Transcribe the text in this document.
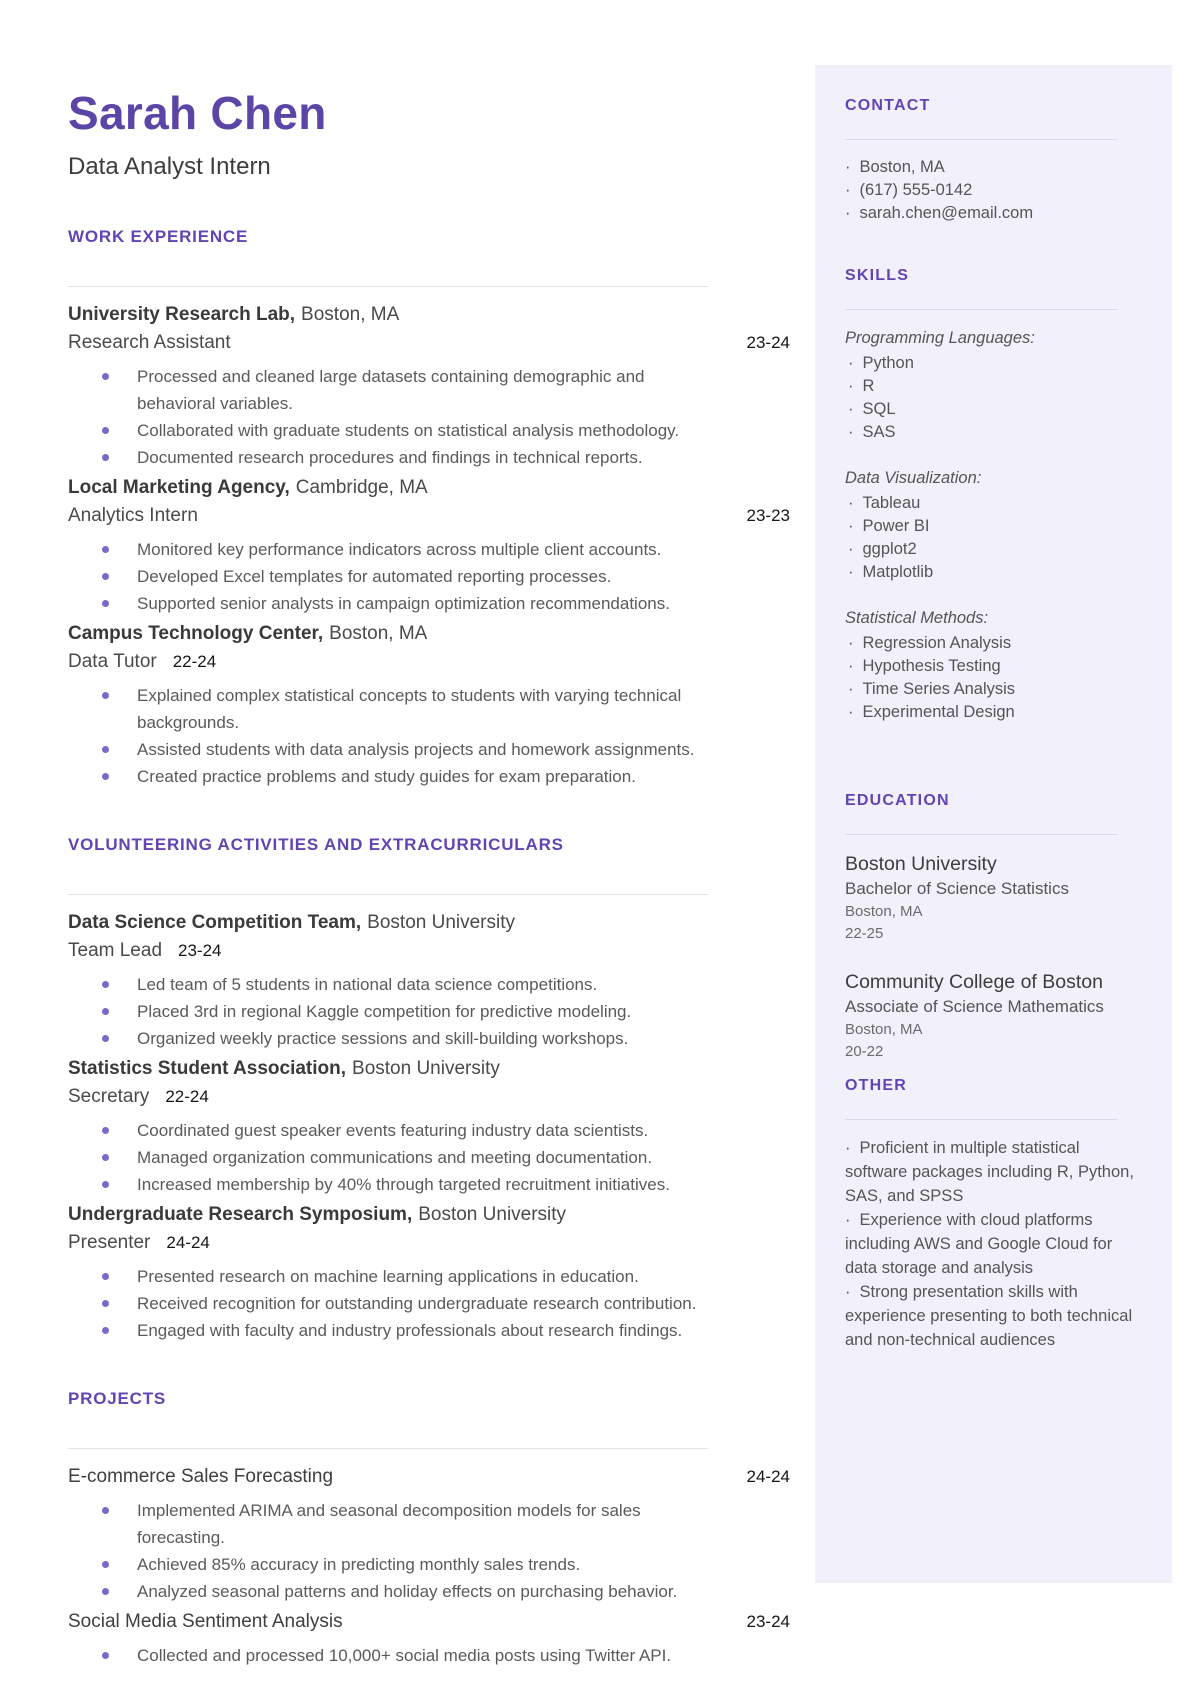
Sarah Chen
Data Analyst Intern
WORK EXPERIENCE
University Research Lab, Boston, MA
Research Assistant	23-24
Processed and cleaned large datasets containing demographic and behavioral variables.
Collaborated with graduate students on statistical analysis methodology.
Documented research procedures and findings in technical reports.
Local Marketing Agency, Cambridge, MA
Analytics Intern	23-23
Monitored key performance indicators across multiple client accounts.
Developed Excel templates for automated reporting processes.
Supported senior analysts in campaign optimization recommendations.
Campus Technology Center, Boston, MA
Data Tutor 22-24
Explained complex statistical concepts to students with varying technical backgrounds.
Assisted students with data analysis projects and homework assignments.
Created practice problems and study guides for exam preparation.
VOLUNTEERING ACTIVITIES AND EXTRACURRICULARS
Data Science Competition Team, Boston University
Team Lead 23-24
Led team of 5 students in national data science competitions.
Placed 3rd in regional Kaggle competition for predictive modeling.
Organized weekly practice sessions and skill-building workshops.
Statistics Student Association, Boston University
Secretary 22-24
Coordinated guest speaker events featuring industry data scientists.
Managed organization communications and meeting documentation.
Increased membership by 40% through targeted recruitment initiatives.
Undergraduate Research Symposium, Boston University
Presenter 24-24
Presented research on machine learning applications in education.
Received recognition for outstanding undergraduate research contribution.
Engaged with faculty and industry professionals about research findings.
PROJECTS
E-commerce Sales Forecasting	24-24
Implemented ARIMA and seasonal decomposition models for sales forecasting.
Achieved 85% accuracy in predicting monthly sales trends.
Analyzed seasonal patterns and holiday effects on purchasing behavior.
Social Media Sentiment Analysis	23-24
Collected and processed 10,000+ social media posts using Twitter API.
CONTACT
· Boston, MA
· (617) 555-0142
· sarah.chen@email.com
SKILLS
Programming Languages:
· Python
· R
· SQL
· SAS
Data Visualization:
· Tableau
· Power BI
· ggplot2
· Matplotlib
Statistical Methods:
· Regression Analysis
· Hypothesis Testing
· Time Series Analysis
· Experimental Design
EDUCATION
Boston University
Bachelor of Science Statistics
Boston, MA
22-25
Community College of Boston
Associate of Science Mathematics
Boston, MA
20-22
OTHER

· Proficient in multiple statistical software packages including R, Python, SAS, and SPSS

· Experience with cloud platforms including AWS and Google Cloud for data storage and analysis

· Strong presentation skills with experience presenting to both technical and non-technical audiences
